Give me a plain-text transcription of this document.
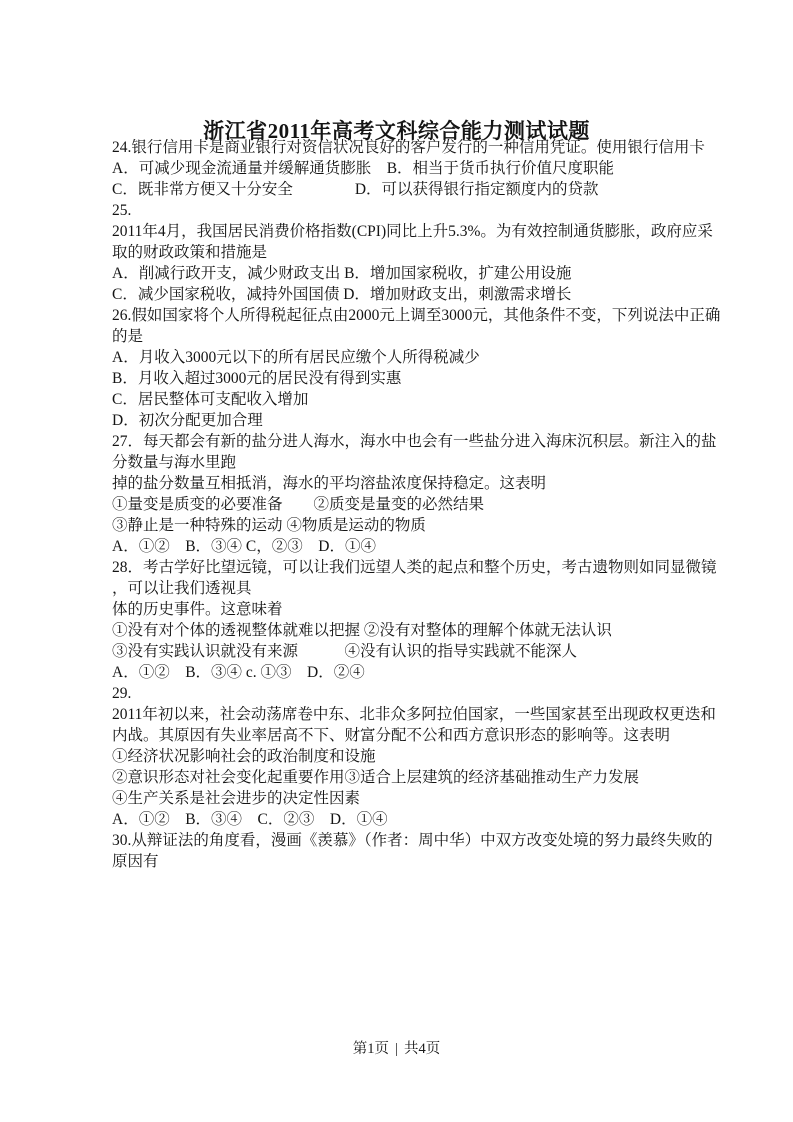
浙江省2011年高考文科综合能力测试试题

24.银行信用卡是商业银行对资信状况良好的客户发行的一种信用凭证。使用银行信用卡

A．可减少现金流通量并缓解通货膨胀　B．相当于货币执行价值尺度职能

C．既非常方便又十分安全　　　　D．可以获得银行指定额度内的贷款

25.

2011年4月，我国居民消费价格指数(CPI)同比上升5.3%。为有效控制通货膨胀，政府应采

取的财政政策和措施是

A．削减行政开支，减少财政支出 B．增加国家税收，扩建公用设施

C．减少国家税收，减持外国国债 D．增加财政支出，刺激需求增长

26.假如国家将个人所得税起征点由2000元上调至3000元，其他条件不变，下列说法中正确

的是

A．月收入3000元以下的所有居民应缴个人所得税减少

B．月收入超过3000元的居民没有得到实惠

C．居民整体可支配收入增加

D．初次分配更加合理

27．每天都会有新的盐分进人海水，海水中也会有一些盐分进入海床沉积层。新注入的盐

分数量与海水里跑

掉的盐分数量互相抵消，海水的平均溶盐浓度保持稳定。这表明

①量变是质变的必要准备　　②质变是量变的必然结果

③静止是一种特殊的运动 ④物质是运动的物质

A．①②　B．③④ C，②③　D．①④

28．考古学好比望远镜，可以让我们远望人类的起点和整个历史，考古遗物则如同显微镜

，可以让我们透视具

体的历史事件。这意味着

①没有对个体的透视整体就难以把握 ②没有对整体的理解个体就无法认识

③没有实践认识就没有来源　　　④没有认识的指导实践就不能深人

A．①②　B．③④ c. ①③　D．②④

29.

2011年初以来，社会动荡席卷中东、北非众多阿拉伯国家，一些国家甚至出现政权更迭和

内战。其原因有失业率居高不下、财富分配不公和西方意识形态的影响等。这表明

①经济状况影响社会的政治制度和设施

②意识形态对社会变化起重要作用③适合上层建筑的经济基础推动生产力发展

④生产关系是社会进步的决定性因素

A．①②　B．③④　C．②③　D．①④

30.从辩证法的角度看，漫画《羡慕》（作者：周中华）中双方改变处境的努力最终失败的

原因有

第1页 | 共4页
